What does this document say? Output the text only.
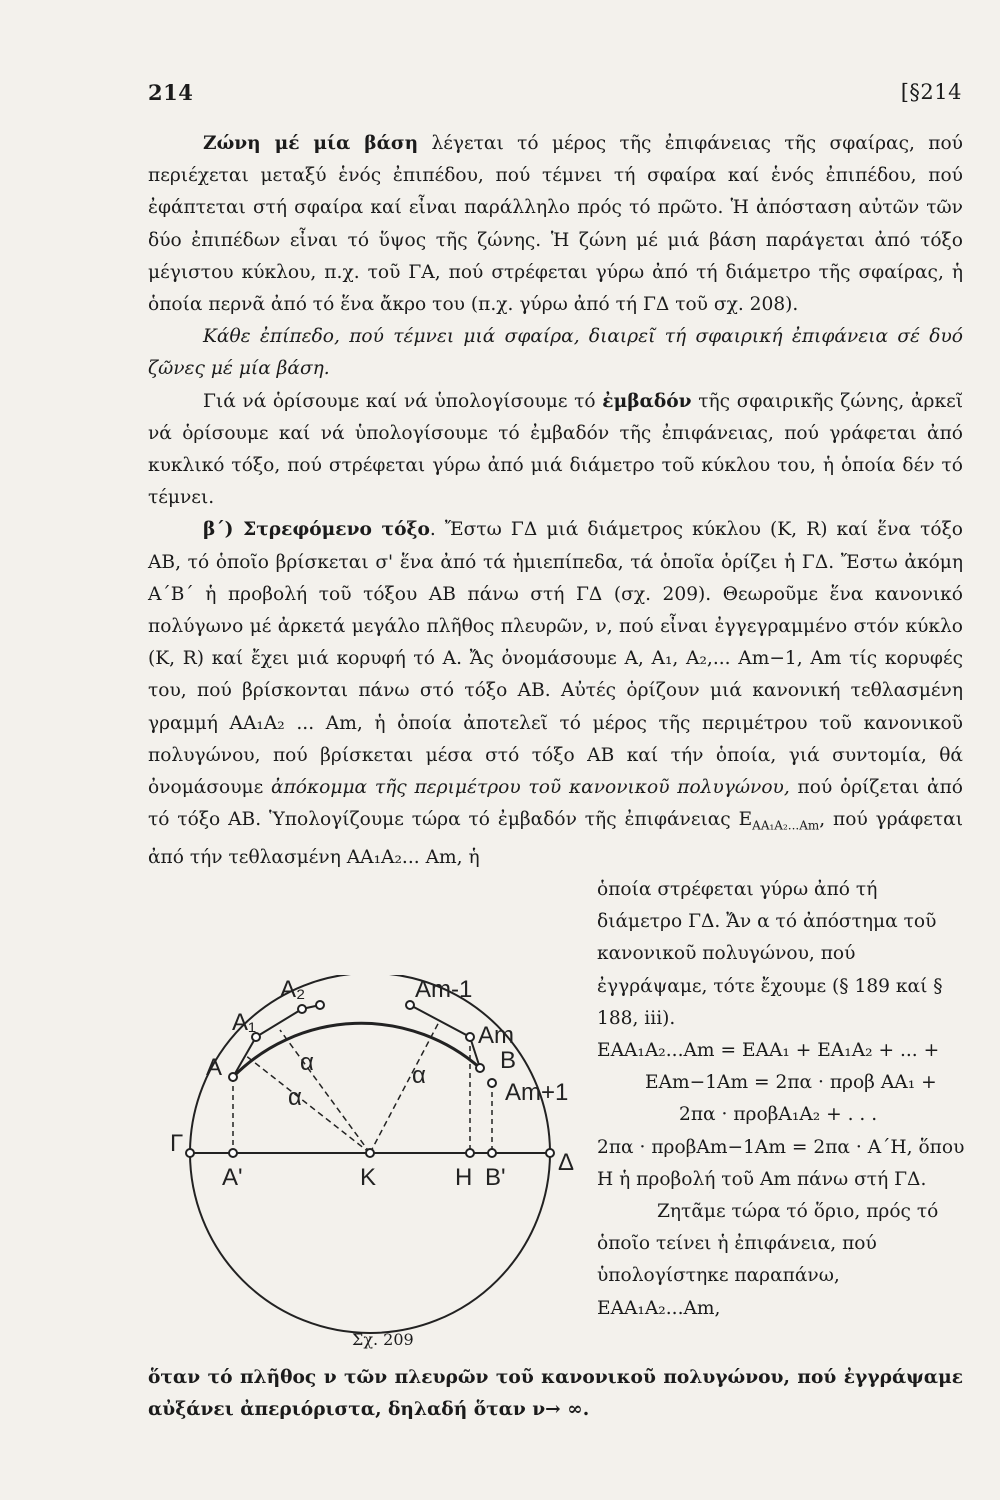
214	[§214

Ζώνη μέ μία βάση λέγεται τό μέρος τῆς ἐπιφάνειας τῆς σφαίρας, πού περιέχεται μεταξύ ἑνός ἐπιπέδου, πού τέμνει τή σφαίρα καί ἑνός ἐπιπέδου, πού ἐφάπτεται στή σφαίρα καί εἶναι παράλληλο πρός τό πρῶτο. Ἡ ἀπόσταση αὐτῶν τῶν δύο ἐπιπέδων εἶναι τό ὕψος τῆς ζώνης. Ἡ ζώνη μέ μιά βάση παράγεται ἀπό τόξο μέγιστου κύκλου, π.χ. τοῦ ΓΑ, πού στρέφεται γύρω ἀπό τή διάμετρο τῆς σφαίρας, ἡ ὁποία περνᾶ ἀπό τό ἕνα ἄκρο του (π.χ. γύρω ἀπό τή ΓΔ τοῦ σχ. 208).

Κάθε ἐπίπεδο, πού τέμνει μιά σφαίρα, διαιρεῖ τή σφαιρική ἐπιφάνεια σέ δυό ζῶνες μέ μία βάση.

Γιά νά ὁρίσουμε καί νά ὑπολογίσουμε τό ἐμβαδόν τῆς σφαιρικῆς ζώνης, ἀρκεῖ νά ὁρίσουμε καί νά ὑπολογίσουμε τό ἐμβαδόν τῆς ἐπιφάνειας, πού γράφεται ἀπό κυκλικό τόξο, πού στρέφεται γύρω ἀπό μιά διάμετρο τοῦ κύκλου του, ἡ ὁποία δέν τό τέμνει.

β΄) Στρεφόμενο τόξο. Ἔστω ΓΔ μιά διάμετρος κύκλου (Κ, R) καί ἕνα τόξο ΑΒ, τό ὁποῖο βρίσκεται σ' ἕνα ἀπό τά ἡμιεπίπεδα, τά ὁποῖα ὁρίζει ἡ ΓΔ. Ἔστω ἀκόμη Α΄Β΄ ἡ προβολή τοῦ τόξου ΑΒ πάνω στή ΓΔ (σχ. 209). Θεωροῦμε ἕνα κανονικό πολύγωνο μέ ἀρκετά μεγάλο πλῆθος πλευρῶν, ν, πού εἶναι ἐγγεγραμμένο στόν κύκλο (Κ, R) καί ἔχει μιά κορυφή τό Α. Ἄς ὀνομάσουμε Α, Α₁, Α₂,... Αm−1, Αm τίς κορυφές του, πού βρίσκονται πάνω στό τόξο ΑΒ. Αὐτές ὁρίζουν μιά κανονική τεθλασμένη γραμμή ΑΑ₁Α₂ ... Αm, ἡ ὁποία ἀποτελεῖ τό μέρος τῆς περιμέτρου τοῦ κανονικοῦ πολυγώνου, πού βρίσκεται μέσα στό τόξο ΑΒ καί τήν ὁποία, γιά συντομία, θά ὀνομάσουμε ἀπόκομμα τῆς περιμέτρου τοῦ κανονικοῦ πολυγώνου, πού ὁρίζεται ἀπό τό τόξο ΑΒ. Ὑπολογίζουμε τώρα τό ἐμβαδόν τῆς ἐπιφάνειας $E_{AA_1A_2...Am}$, πού γράφεται ἀπό τήν τεθλασμένη ΑΑ₁Α₂... Αm, ἡ

ὁποία στρέφεται γύρω ἀπό τή διάμετρο ΓΔ. Ἄν α τό ἀπόστημα τοῦ κανονικοῦ πολυγώνου, πού ἐγγράψαμε, τότε ἔχουμε (§ 189 καί § 188, iii).
ΕΑΑ₁Α₂...Αm = ΕΑΑ₁ + ΕΑ₁Α₂ + ... +
ΕΑm−1Αm = 2πα · προβ ΑΑ₁ +
2πα · προβΑ₁Α₂ + . . .
2πα · προβΑm−1Αm = 2πα · Α΄Η, ὅπου
Η ἡ προβολή τοῦ Αm πάνω στή ΓΔ.
Ζητᾶμε τώρα τό ὅριο, πρός τό ὁποῖο τείνει ἡ ἐπιφάνεια, πού ὑπολογίστηκε παραπάνω, ΕΑΑ₁Α₂...Αm,
A₂	Am-1
A₁	Am
A	B
α	α
α	Am+1
Γ
Δ
A'	K	H B'
Σχ. 209
ὅταν τό πλῆθος ν τῶν πλευρῶν τοῦ κανονικοῦ πολυγώνου, πού ἐγγράψαμε αὐξάνει ἀπεριόριστα, δηλαδή ὅταν ν→ ∞.
